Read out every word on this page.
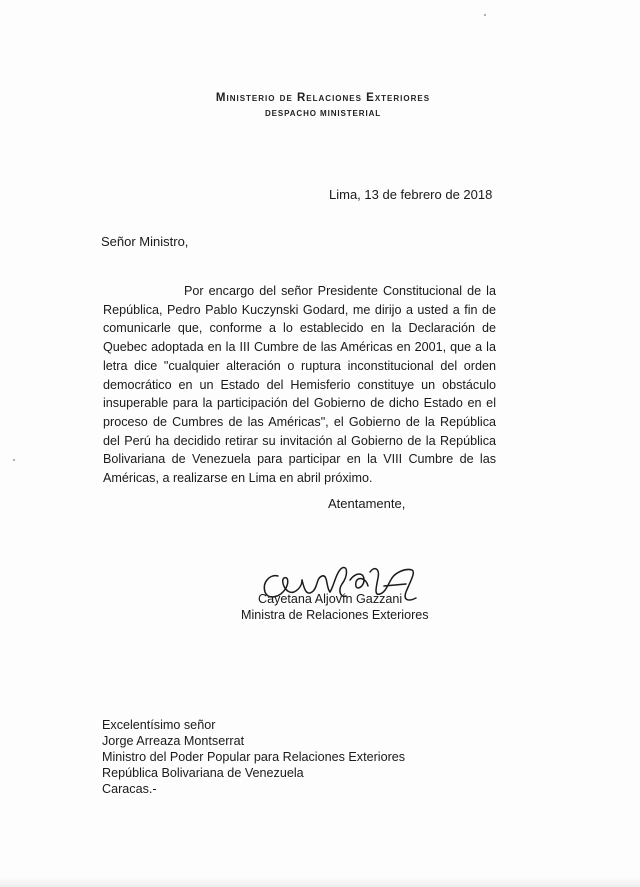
Ministerio de Relaciones Exteriores
DESPACHO MINISTERIAL
Lima, 13 de febrero de 2018
Señor Ministro,
Por encargo del señor Presidente Constitucional de la República, Pedro Pablo Kuczynski Godard, me dirijo a usted a fin de comunicarle que, conforme a lo establecido en la Declaración de Quebec adoptada en la III Cumbre de las Américas en 2001, que a la letra dice "cualquier alteración o ruptura inconstitucional del orden democrático en un Estado del Hemisferio constituye un obstáculo insuperable para la participación del Gobierno de dicho Estado en el proceso de Cumbres de las Américas", el Gobierno de la República del Perú ha decidido retirar su invitación al Gobierno de la República Bolivariana de Venezuela para participar en la VIII Cumbre de las Américas, a realizarse en Lima en abril próximo.
Atentamente,
Cayetana Aljovín Gazzani
Ministra de Relaciones Exteriores
Excelentísimo señor
Jorge Arreaza Montserrat
Ministro del Poder Popular para Relaciones Exteriores
República Bolivariana de Venezuela
Caracas.-
